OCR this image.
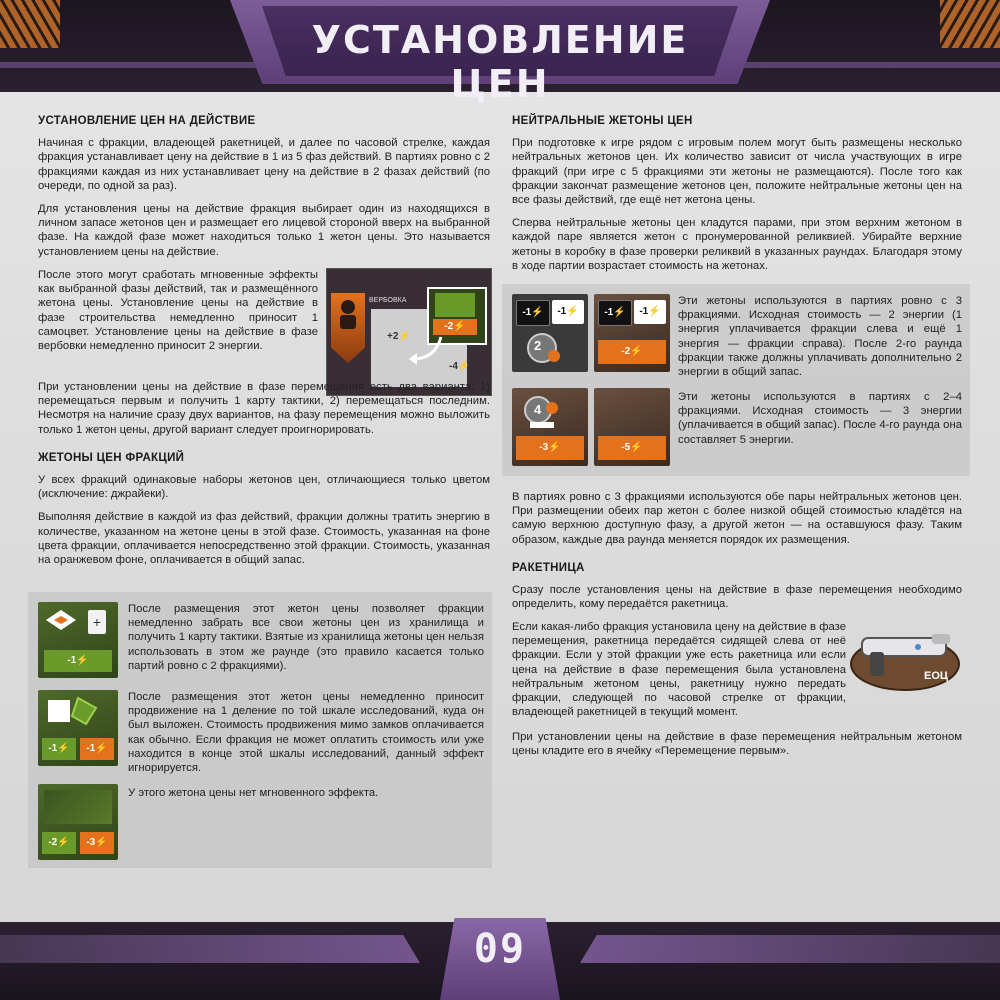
УСТАНОВЛЕНИЕ ЦЕН
УСТАНОВЛЕНИЕ ЦЕН НА ДЕЙСТВИЕ

Начиная с фракции, владеющей ракетницей, и далее по часовой стрелке, каждая фракция устанавливает цену на действие в 1 из 5 фаз действий. В партиях ровно с 2 фракциями каждая из них устанавливает цену на действие в 2 фазах действий (по очереди, по одной за раз).

Для установления цены на действие фракция выбирает один из находящихся в личном запасе жетонов цен и размещает его лицевой стороной вверх на выбранной фазе. На каждой фазе может находиться только 1 жетон цены. Это называется установлением цены на действие.

После этого могут сработать мгновенные эффекты как выбранной фазы действий, так и размещённого жетона цены. Установление цены на действие в фазе строительства немедленно приносит 1 самоцвет. Установление цены на действие в фазе вербовки немедленно приносит 2 энергии.

ВЕРБОВКА
+2⚡
-2⚡
-4⚡

При установлении цены на действие в фазе перемещения есть два варианта: 1) перемещаться первым и получить 1 карту тактики, 2) перемещаться последним. Несмотря на наличие сразу двух вариантов, на фазу перемещения можно выложить только 1 жетон цены, другой вариант следует проигнорировать.

ЖЕТОНЫ ЦЕН ФРАКЦИЙ

У всех фракций одинаковые наборы жетонов цен, отличающиеся только цветом (исключение: джрайеки).

Выполняя действие в каждой из фаз действий, фракции должны тратить энергию в количестве, указанном на жетоне цены в этой фазе. Стоимость, указанная на фоне цвета фракции, оплачивается непосредственно этой фракции. Стоимость, указанная на оранжевом фоне, оплачивается в общий запас.

+
-1⚡

После размещения этот жетон цены позволяет фракции немедленно забрать все свои жетоны цен из хранилища и получить 1 карту тактики. Взятые из хранилища жетоны цен нельзя использовать в этом же раунде (это правило касается только партий ровно с 2 фракциями).

-1⚡	-1⚡

После размещения этот жетон цены немедленно приносит продвижение на 1 деление по той шкале исследований, куда он был выложен. Стоимость продвижения мимо замков оплачивается как обычно. Если фракция не может оплатить стоимость или уже находится в конце этой шкалы исследований, данный эффект игнорируется.

-2⚡	-3⚡

У этого жетона цены нет мгновенного эффекта.

НЕЙТРАЛЬНЫЕ ЖЕТОНЫ ЦЕН

При подготовке к игре рядом с игровым полем могут быть размещены несколько нейтральных жетонов цен. Их количество зависит от числа участвующих в игре фракций (при игре с 5 фракциями эти жетоны не размещаются). После того как фракции закончат размещение жетонов цен, положите нейтральные жетоны цен на все фазы действий, где ещё нет жетона цены.

Сперва нейтральные жетоны цен кладутся парами, при этом верхним жетоном в каждой паре является жетон с пронумерованной реликвией. Убирайте верхние жетоны в коробку в фазе проверки реликвий в указанных раундах. Благодаря этому в ходе партии возрастает стоимость на жетонах.

-1⚡	-1⚡
2
-1⚡	-1⚡
-2⚡

Эти жетоны используются в партиях ровно с 3 фракциями. Исходная стоимость — 2 энергии (1 энергия уплачивается фракции слева и ещё 1 энергия — фракции справа). После 2-го раунда фракции также должны уплачивать дополнительно 2 энергии в общий запас.

4
-3⚡	-5⚡

Эти жетоны используются в партиях с 2–4 фракциями. Исходная стоимость — 3 энергии (уплачивается в общий запас). После 4-го раунда она составляет 5 энергии.

В партиях ровно с 3 фракциями используются обе пары нейтральных жетонов цен. При размещении обеих пар жетон с более низкой общей стоимостью кладётся на самую верхнюю доступную фазу, а другой жетон — на оставшуюся фазу. Таким образом, каждые два раунда меняется порядок их размещения.

РАКЕТНИЦА

Сразу после установления цены на действие в фазе перемещения необходимо определить, кому передаётся ракетница.

Если какая-либо фракция установила цену на действие в фазе перемещения, ракетница передаётся сидящей слева от неё фракции. Если у этой фракции уже есть ракетница или если цена на действие в фазе перемещения была установлена нейтральным жетоном цены, ракетницу нужно передать фракции, следующей по часовой стрелке от фракции, владеющей ракетницей в текущий момент.

ЕОЦ

При установлении цены на действие в фазе перемещения нейтральным жетоном цены кладите его в ячейку «Перемещение первым».

09
